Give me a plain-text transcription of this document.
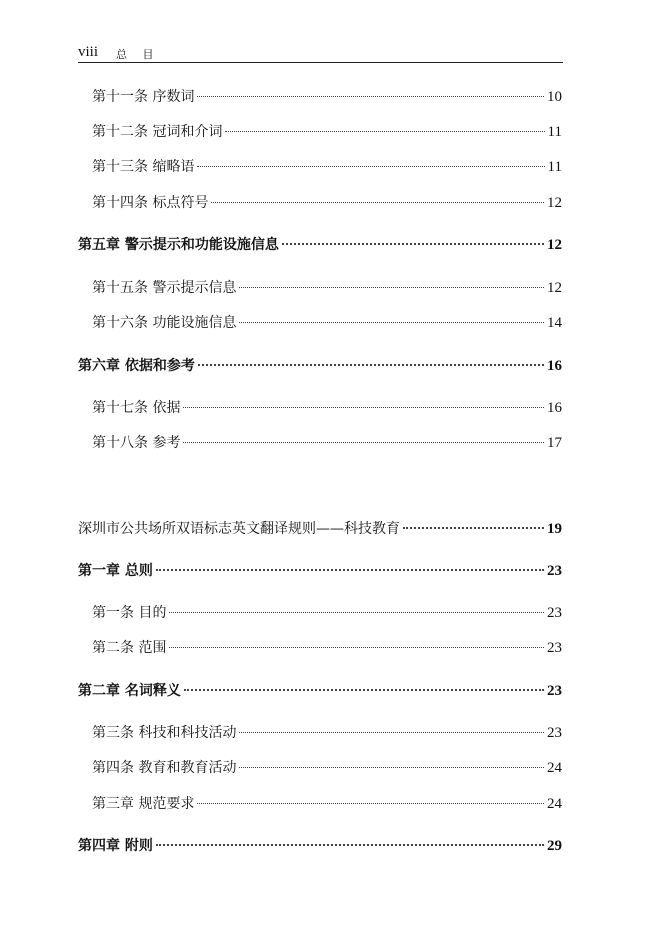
viii 总 目
第十一条 序数词	10
第十二条 冠词和介词	11
第十三条 缩略语	11
第十四条 标点符号	12
第五章 警示提示和功能设施信息	12
第十五条 警示提示信息	12
第十六条 功能设施信息	14
第六章 依据和参考	16
第十七条 依据	16
第十八条 参考	17
深圳市公共场所双语标志英文翻译规则——科技教育	19
第一章 总则	23
第一条 目的	23
第二条 范围	23
第二章 名词释义	23
第三条 科技和科技活动	23
第四条 教育和教育活动	24
第三章 规范要求	24
第四章 附则	29
